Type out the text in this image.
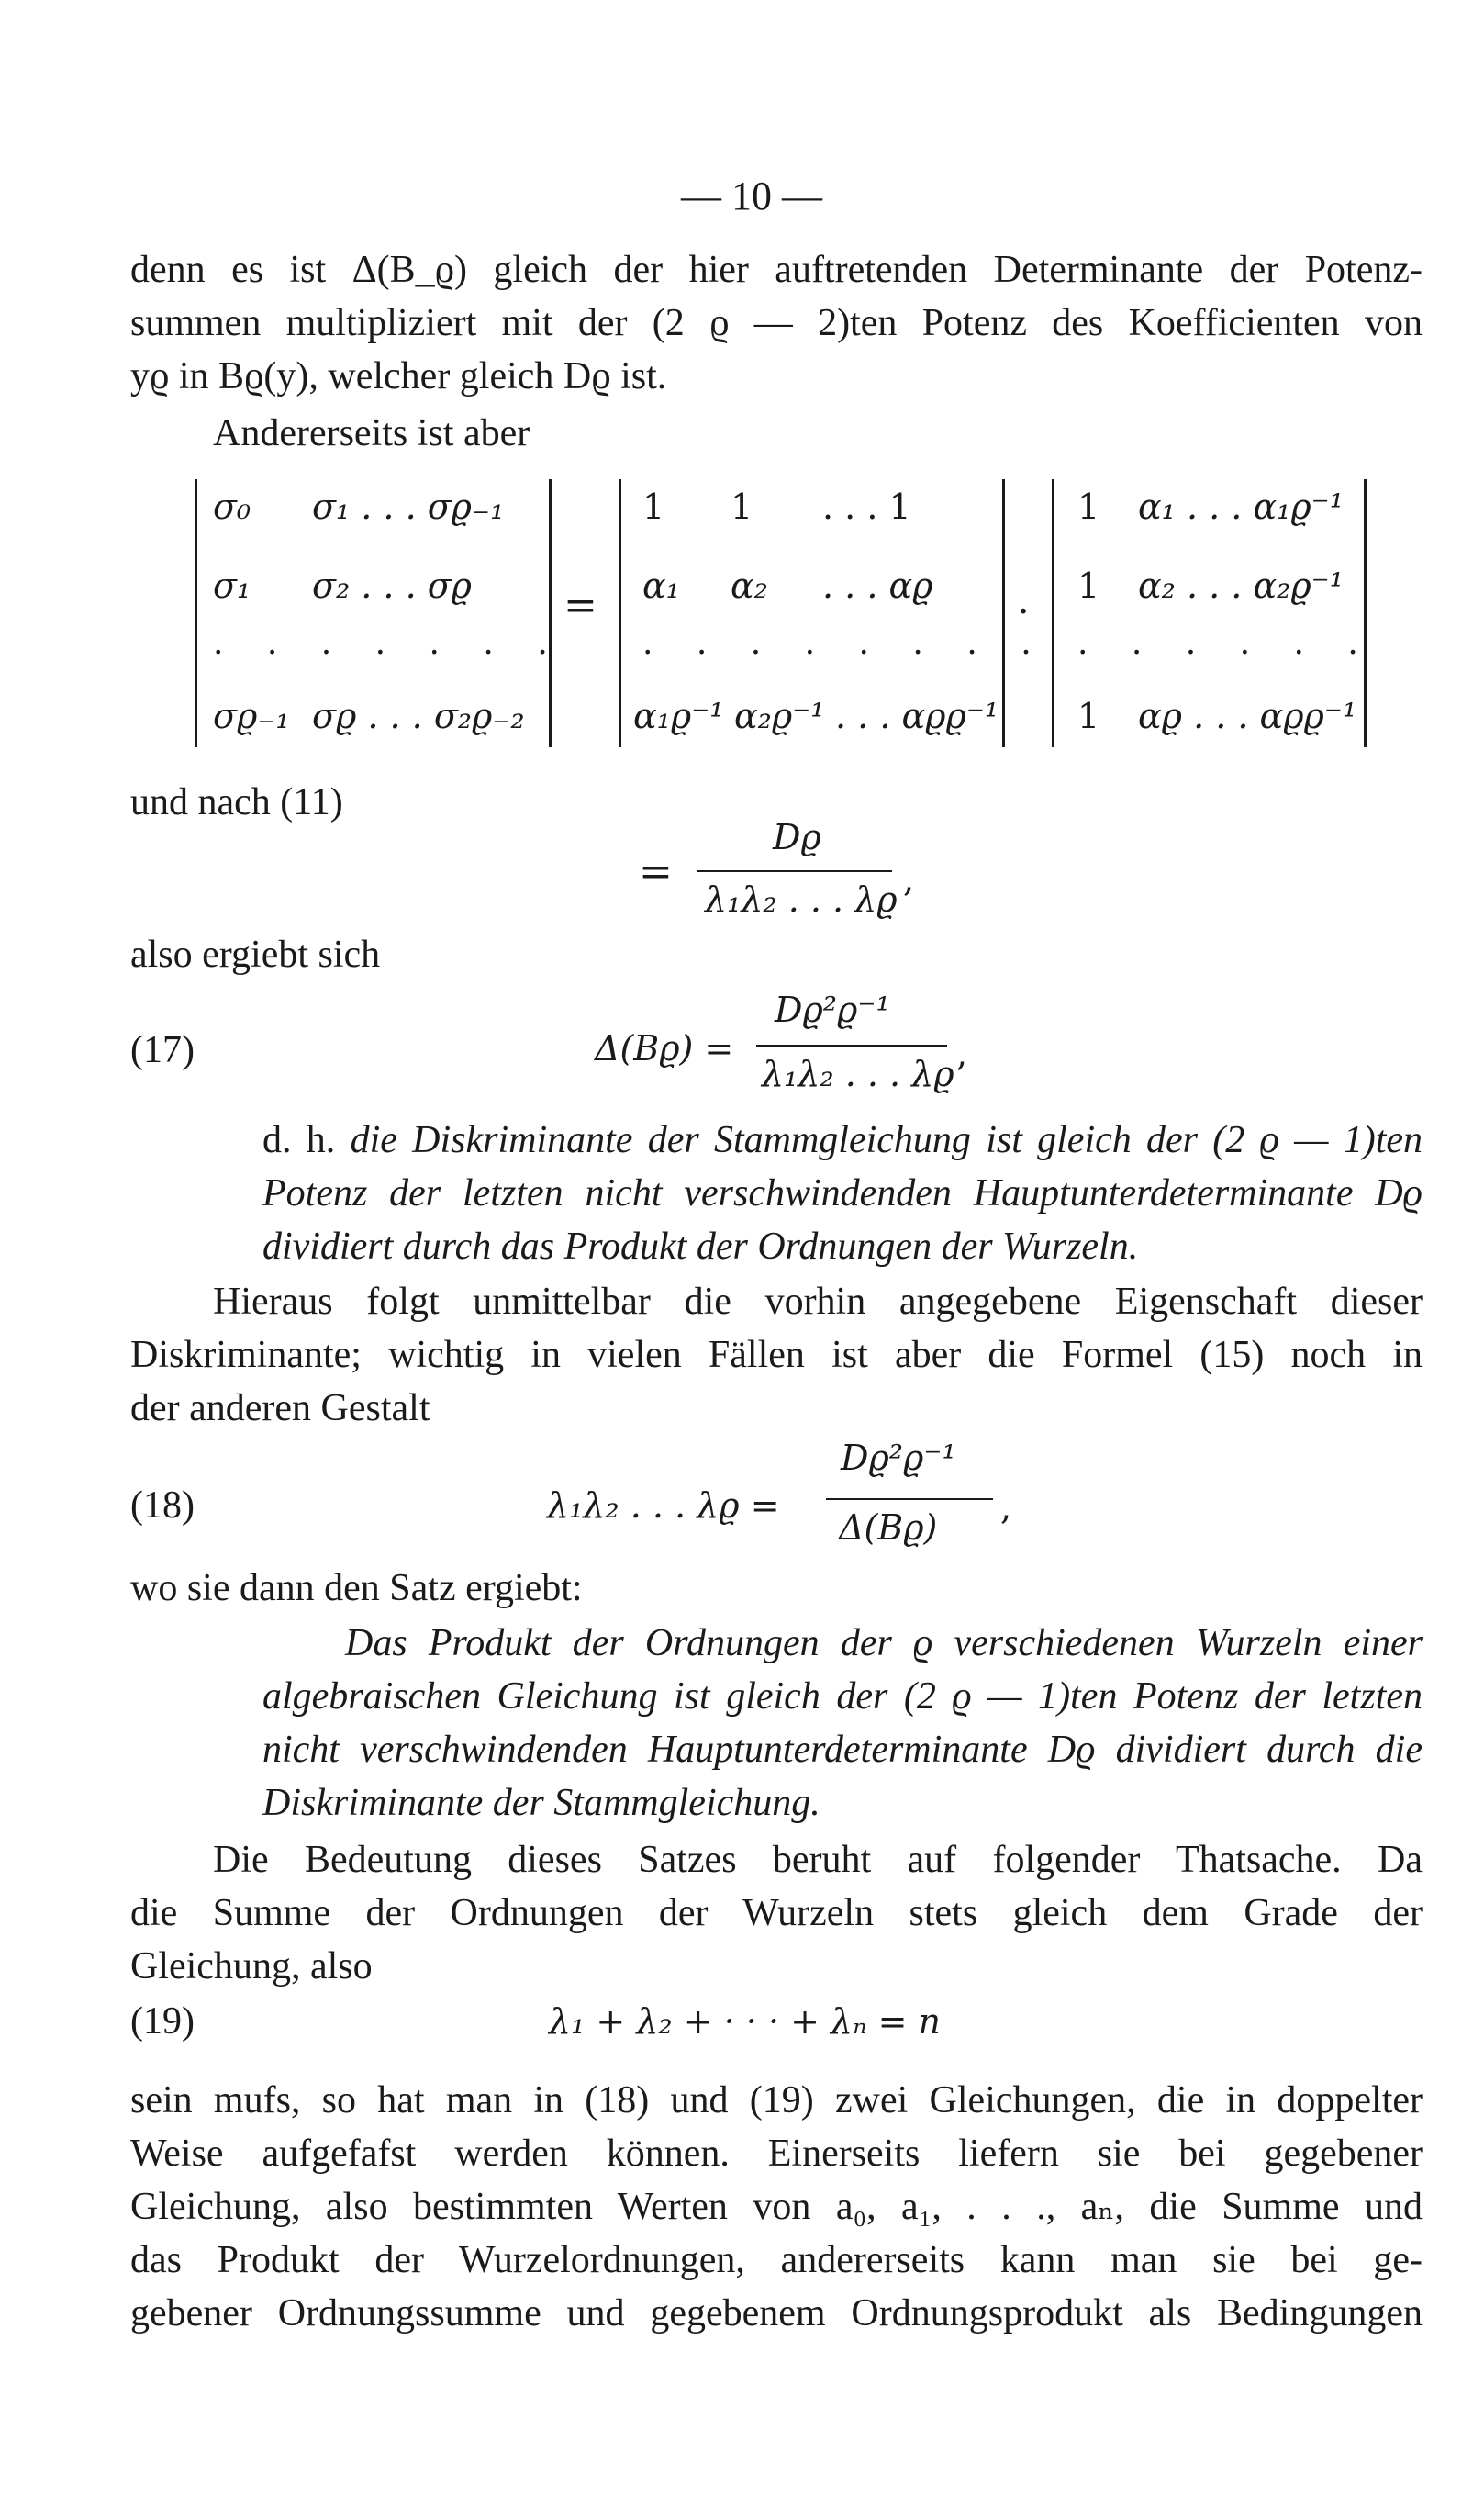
— 10 —
denn es ist Δ(B_ϱ) gleich der hier auftretenden Determinante der Potenz-
summen multipliziert mit der (2 ϱ — 2)ten Potenz des Koefficienten von
yϱ in Bϱ(y), welcher gleich Dϱ ist.
Andererseits ist aber
σ₀ σ₁ . . . σϱ₋₁
σ₁ σ₂ . . . σϱ
. . . . . . .
σϱ₋₁ σϱ . . . σ₂ϱ₋₂
=
1 1 . . . 1
α₁ α₂ . . . αϱ
. . . . . . . .
α₁ϱ⁻¹ α₂ϱ⁻¹ . . . αϱϱ⁻¹
.
1 α₁ . . . α₁ϱ⁻¹
1 α₂ . . . α₂ϱ⁻¹
. . . . . .
1 αϱ . . . αϱϱ⁻¹
und nach (11)
=
Dϱ
λ₁λ₂ . . . λϱ ,
also ergiebt sich
(17)	Δ(Bϱ) =
Dϱ²ϱ⁻¹
λ₁λ₂ . . . λϱ ,
d. h. die Diskriminante der Stammgleichung ist gleich der (2 ϱ — 1)ten
Potenz der letzten nicht verschwindenden Hauptunterdeterminante Dϱ
dividiert durch das Produkt der Ordnungen der Wurzeln.
Hieraus folgt unmittelbar die vorhin angegebene Eigenschaft dieser
Diskriminante; wichtig in vielen Fällen ist aber die Formel (15) noch in
der anderen Gestalt
(18)	λ₁λ₂ . . . λϱ =
Dϱ²ϱ⁻¹
Δ(Bϱ) ,
wo sie dann den Satz ergiebt:
Das Produkt der Ordnungen der ϱ verschiedenen Wurzeln einer
algebraischen Gleichung ist gleich der (2 ϱ — 1)ten Potenz der letzten
nicht verschwindenden Hauptunterdeterminante Dϱ dividiert durch die
Diskriminante der Stammgleichung.
Die Bedeutung dieses Satzes beruht auf folgender Thatsache. Da
die Summe der Ordnungen der Wurzeln stets gleich dem Grade der
Gleichung, also
(19)	λ₁ + λ₂ + · · · + λₙ = n
sein mufs, so hat man in (18) und (19) zwei Gleichungen, die in doppelter
Weise aufgefafst werden können. Einerseits liefern sie bei gegebener
Gleichung, also bestimmten Werten von a₀, a₁, . . ., aₙ, die Summe und
das Produkt der Wurzelordnungen, andererseits kann man sie bei ge-
gebener Ordnungssumme und gegebenem Ordnungsprodukt als Bedingungen
